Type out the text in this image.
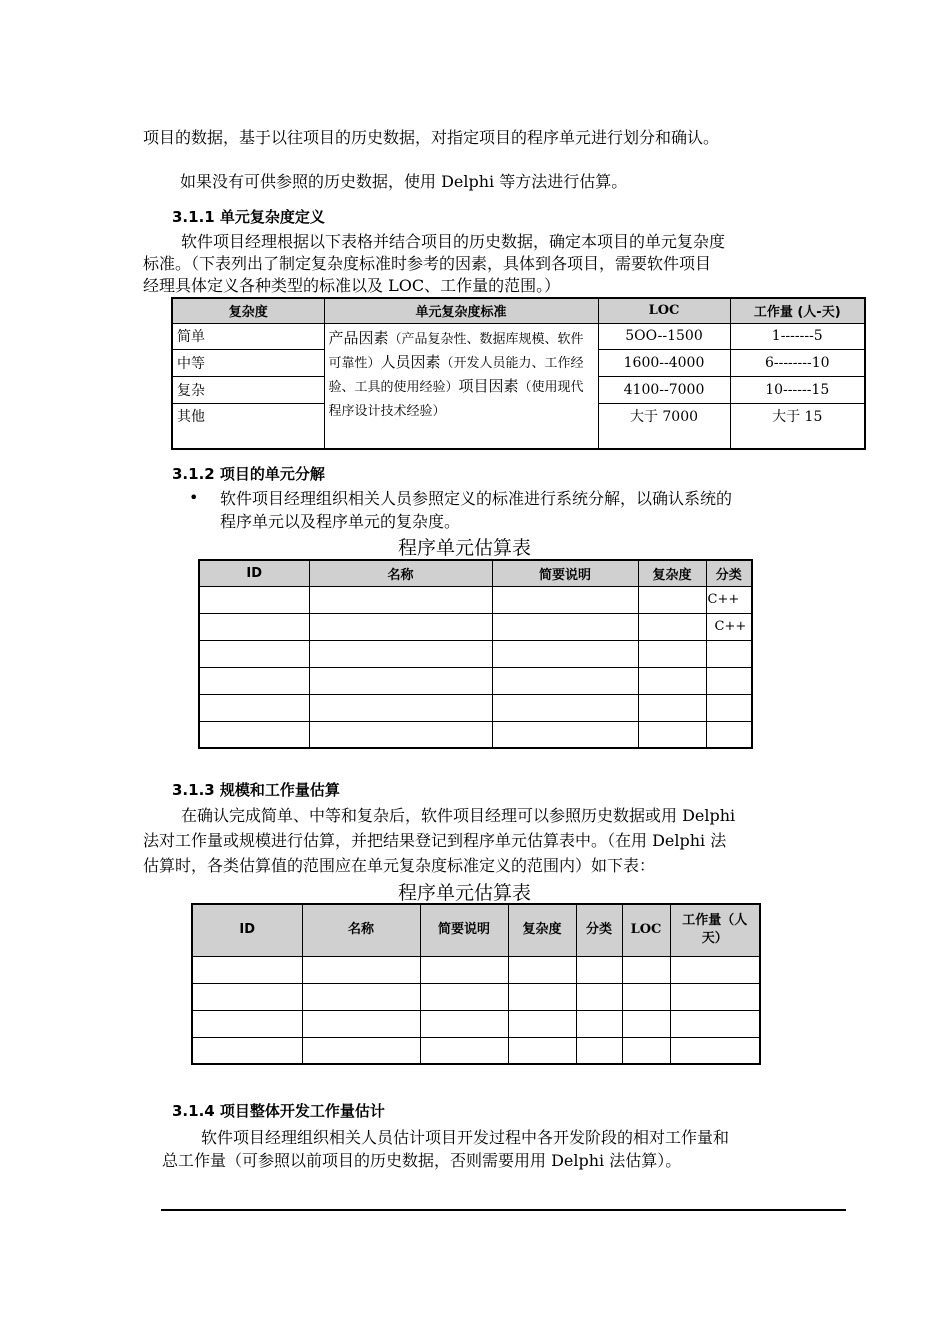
项目的数据，基于以往项目的历史数据，对指定项目的程序单元进行划分和确认。

如果没有可供参照的历史数据，使用 Delphi 等方法进行估算。

3.1.1 单元复杂度定义

软件项目经理根据以下表格并结合项目的历史数据，确定本项目的单元复杂度

标准。（下表列出了制定复杂度标准时参考的因素，具体到各项目，需要软件项目

经理具体定义各种类型的标准以及 LOC、工作量的范围。）

复杂度	单元复杂度标准	LOC	工作量 (人-天)
简单	产品因素（产品复杂性、数据库规模、软件可靠性）人员因素（开发人员能力、工作经验、工具的使用经验）项目因素（使用现代程序设计技术经验）	5OO--1500	1-------5
中等		1600--4000	6--------10
复杂		4100--7000	10------15
其他		大于 7000	大于 15

3.1.2 项目的单元分解

• 软件项目经理组织相关人员参照定义的标准进行系统分解，以确认系统的

程序单元以及程序单元的复杂度。

程序单元估算表

ID	名称	简要说明	复杂度	分类
				C++
				C++

3.1.3 规模和工作量估算

在确认完成简单、中等和复杂后，软件项目经理可以参照历史数据或用 Delphi

法对工作量或规模进行估算，并把结果登记到程序单元估算表中。（在用 Delphi 法

估算时，各类估算值的范围应在单元复杂度标准定义的范围内）如下表：

程序单元估算表

ID	名称	简要说明	复杂度	分类	LOC	工作量（人天）

3.1.4 项目整体开发工作量估计

软件项目经理组织相关人员估计项目开发过程中各开发阶段的相对工作量和

总工作量（可参照以前项目的历史数据，否则需要用用 Delphi 法估算）。
